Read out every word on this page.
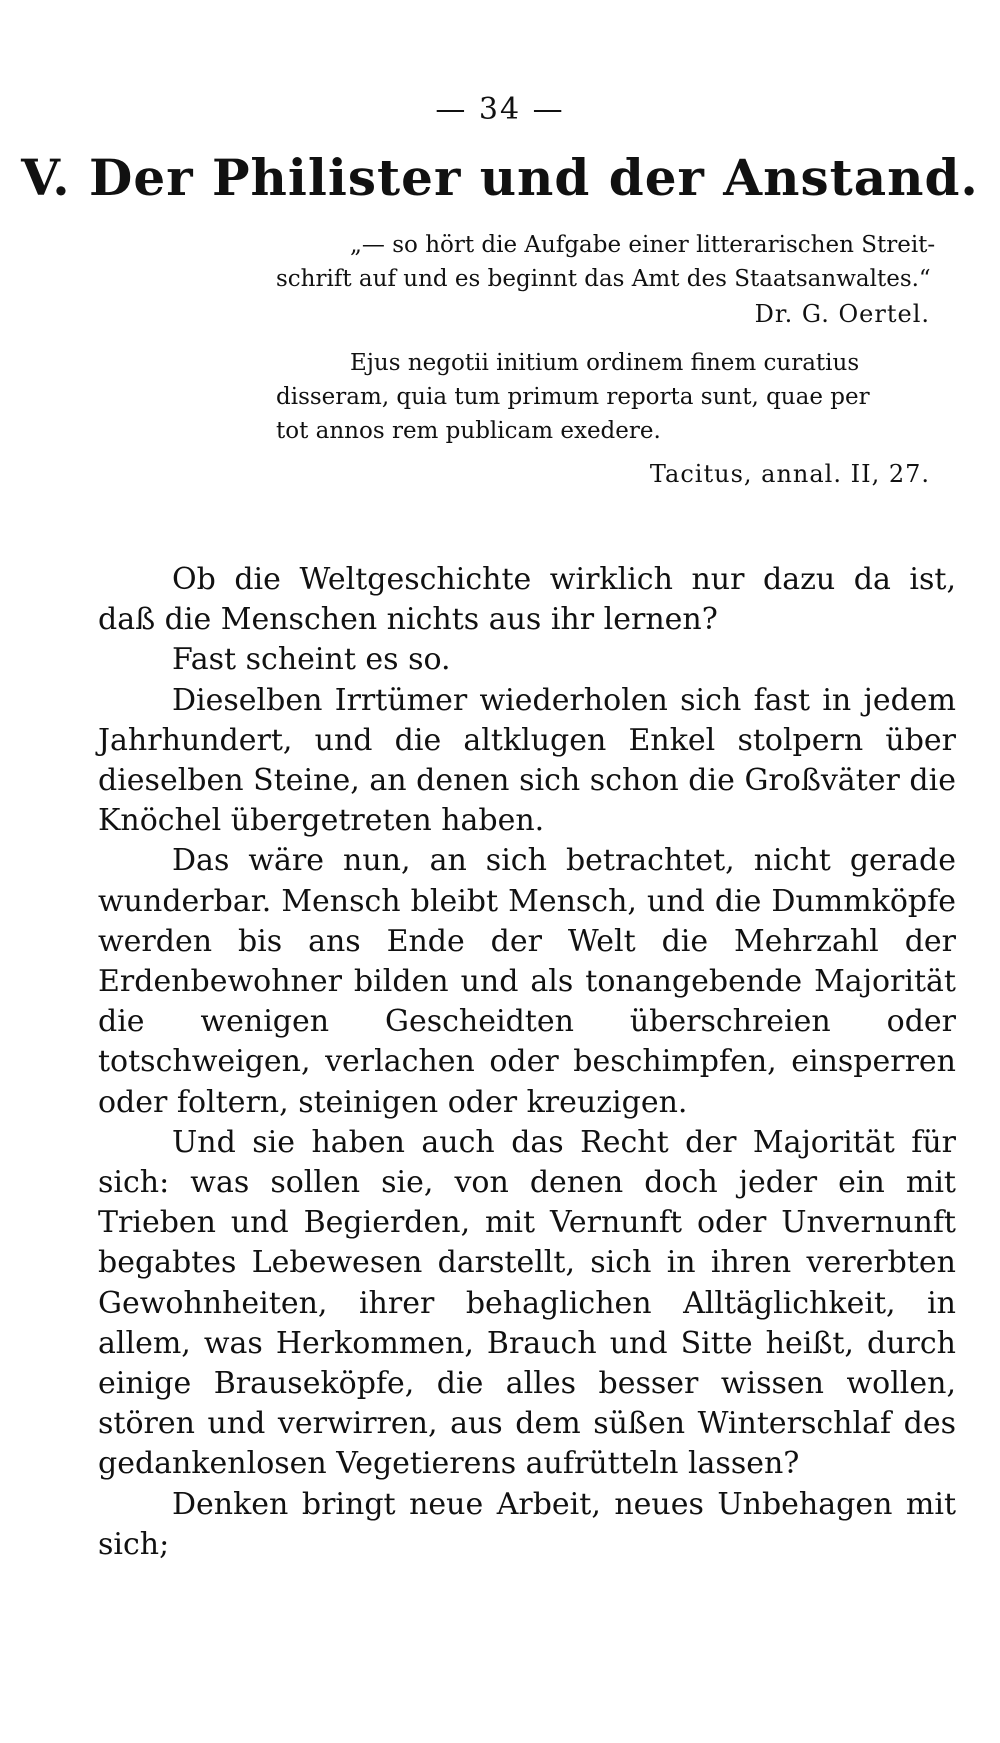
— 34 —
V. Der Philister und der Anstand.
„— so hört die Aufgabe einer litterarischen Streit-
schrift auf und es beginnt das Amt des Staatsanwaltes.“
Dr. G. Oertel.
Ejus negotii initium ordinem finem curatius
disseram, quia tum primum reporta sunt, quae per
tot annos rem publicam exedere.
Tacitus, annal. II, 27.

Ob die Weltgeschichte wirklich nur dazu da ist, daß die Menschen nichts aus ihr lernen?

Fast scheint es so.

Dieselben Irrtümer wiederholen sich fast in jedem Jahrhundert, und die altklugen Enkel stolpern über dieselben Steine, an denen sich schon die Großväter die Knöchel übergetreten haben.

Das wäre nun, an sich betrachtet, nicht gerade wunderbar. Mensch bleibt Mensch, und die Dummköpfe werden bis ans Ende der Welt die Mehrzahl der Erdenbewohner bilden und als tonangebende Majorität die wenigen Gescheidten überschreien oder totschweigen, verlachen oder beschimpfen, einsperren oder foltern, steinigen oder kreuzigen.

Und sie haben auch das Recht der Majorität für sich: was sollen sie, von denen doch jeder ein mit Trieben und Begierden, mit Vernunft oder Unvernunft begabtes Lebewesen darstellt, sich in ihren vererbten Gewohnheiten, ihrer behaglichen Alltäglichkeit, in allem, was Herkommen, Brauch und Sitte heißt, durch einige Brauseköpfe, die alles besser wissen wollen, stören und verwirren, aus dem süßen Winterschlaf des gedankenlosen Vegetierens aufrütteln lassen?

Denken bringt neue Arbeit, neues Unbehagen mit sich;
